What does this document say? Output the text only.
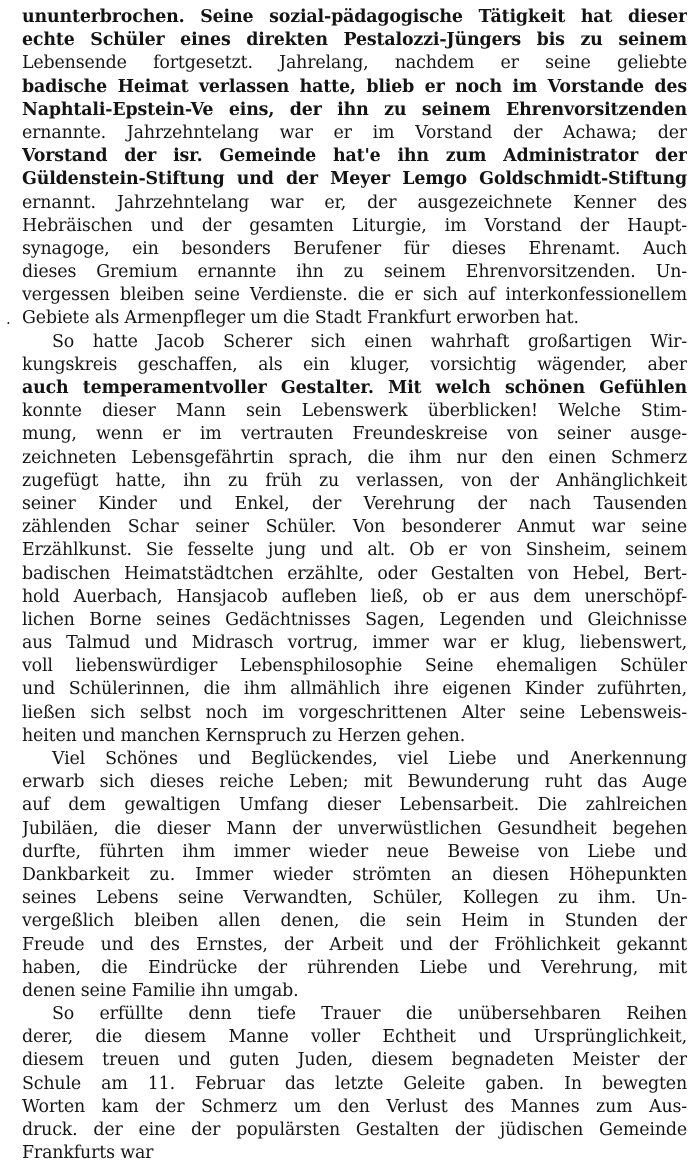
·
ununterbrochen. Seine sozial-pädagogische Tätigkeit hat dieser
echte Schüler eines direkten Pestalozzi-Jüngers bis zu seinem
Lebensende fortgesetzt. Jahrelang, nachdem er seine geliebte
badische Heimat verlassen hatte, blieb er noch im Vorstande des
Naphtali-Epstein-Ve eins, der ihn zu seinem Ehrenvorsitzenden
ernannte. Jahrzehntelang war er im Vorstand der Achawa; der
Vorstand der isr. Gemeinde hat'e ihn zum Administrator der
Güldenstein-Stiftung und der Meyer Lemgo Goldschmidt-Stiftung
ernannt. Jahrzehntelang war er, der ausgezeichnete Kenner des
Hebräischen und der gesamten Liturgie, im Vorstand der Haupt-
synagoge, ein besonders Berufener für dieses Ehrenamt. Auch
dieses Gremium ernannte ihn zu seinem Ehrenvorsitzenden. Un-
vergessen bleiben seine Verdienste. die er sich auf interkonfessionellem
Gebiete als Armenpfleger um die Stadt Frankfurt erworben hat.
So hatte Jacob Scherer sich einen wahrhaft großartigen Wir-
kungskreis geschaffen, als ein kluger, vorsichtig wägender, aber
auch temperamentvoller Gestalter. Mit welch schönen Gefühlen
konnte dieser Mann sein Lebenswerk überblicken! Welche Stim-
mung, wenn er im vertrauten Freundeskreise von seiner ausge-
zeichneten Lebensgefährtin sprach, die ihm nur den einen Schmerz
zugefügt hatte, ihn zu früh zu verlassen, von der Anhänglichkeit
seiner Kinder und Enkel, der Verehrung der nach Tausenden
zählenden Schar seiner Schüler. Von besonderer Anmut war seine
Erzählkunst. Sie fesselte jung und alt. Ob er von Sinsheim, seinem
badischen Heimatstädtchen erzählte, oder Gestalten von Hebel, Bert-
hold Auerbach, Hansjacob aufleben ließ, ob er aus dem unerschöpf-
lichen Borne seines Gedächtnisses Sagen, Legenden und Gleichnisse
aus Talmud und Midrasch vortrug, immer war er klug, liebenswert,
voll liebenswürdiger Lebensphilosophie Seine ehemaligen Schüler
und Schülerinnen, die ihm allmählich ihre eigenen Kinder zuführten,
ließen sich selbst noch im vorgeschrittenen Alter seine Lebensweis-
heiten und manchen Kernspruch zu Herzen gehen.
Viel Schönes und Beglückendes, viel Liebe und Anerkennung
erwarb sich dieses reiche Leben; mit Bewunderung ruht das Auge
auf dem gewaltigen Umfang dieser Lebensarbeit. Die zahlreichen
Jubiläen, die dieser Mann der unverwüstlichen Gesundheit begehen
durfte, führten ihm immer wieder neue Beweise von Liebe und
Dankbarkeit zu. Immer wieder strömten an diesen Höhepunkten
seines Lebens seine Verwandten, Schüler, Kollegen zu ihm. Un-
vergeßlich bleiben allen denen, die sein Heim in Stunden der
Freude und des Ernstes, der Arbeit und der Fröhlichkeit gekannt
haben, die Eindrücke der rührenden Liebe und Verehrung, mit
denen seine Familie ihn umgab.
So erfüllte denn tiefe Trauer die unübersehbaren Reihen
derer, die diesem Manne voller Echtheit und Ursprünglichkeit,
diesem treuen und guten Juden, diesem begnadeten Meister der
Schule am 11. Februar das letzte Geleite gaben. In bewegten
Worten kam der Schmerz um den Verlust des Mannes zum Aus-
druck. der eine der populärsten Gestalten der jüdischen Gemeinde
Frankfurts war
